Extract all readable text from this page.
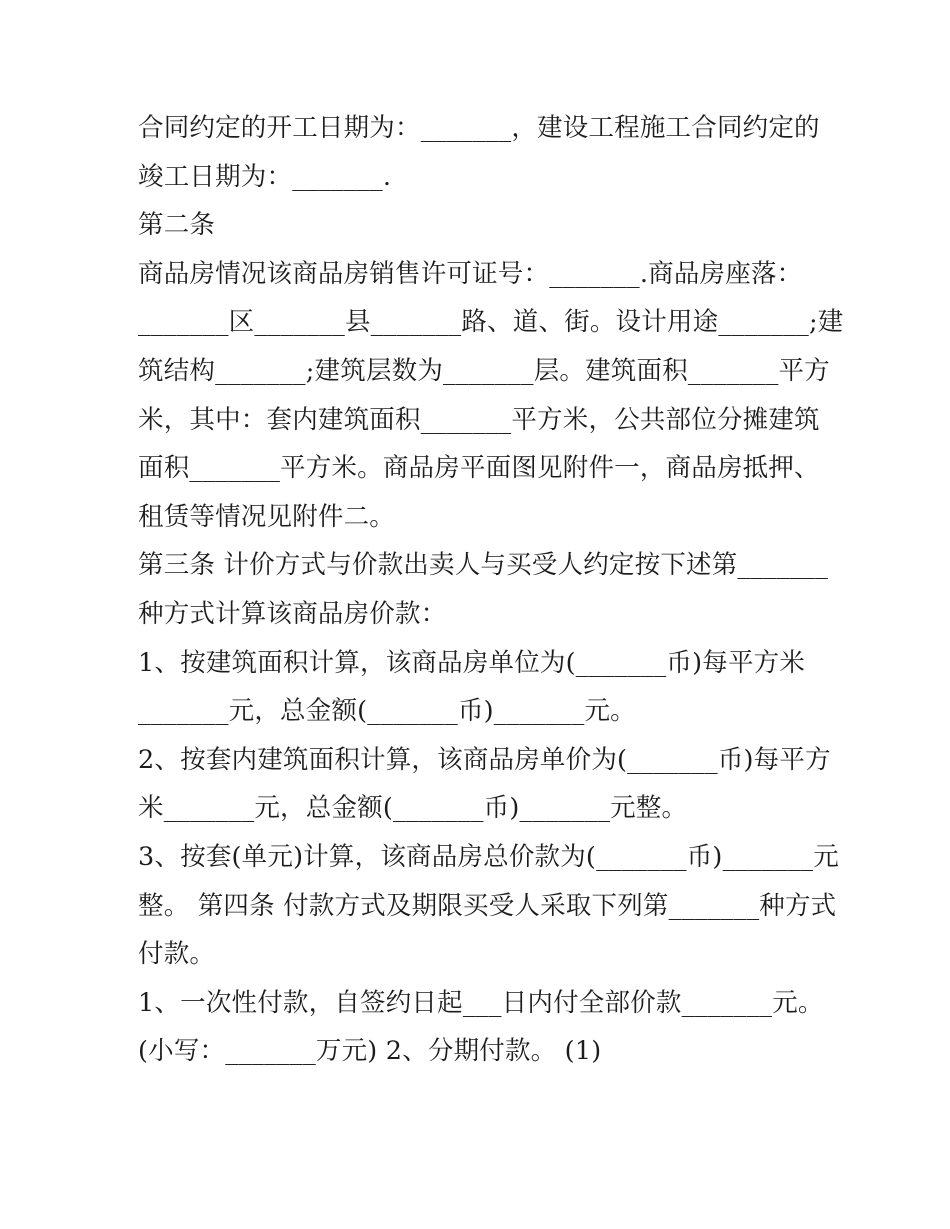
合同约定的开工日期为：_______，建设工程施工合同约定的
竣工日期为：_______.
第二条
商品房情况该商品房销售许可证号：_______.商品房座落：
_______区_______县_______路、道、街。设计用途_______;建
筑结构_______;建筑层数为_______层。建筑面积_______平方
米，其中：套内建筑面积_______平方米，公共部位分摊建筑
面积_______平方米。商品房平面图见附件一，商品房抵押、
租赁等情况见附件二。
第三条 计价方式与价款出卖人与买受人约定按下述第_______
种方式计算该商品房价款：
1、按建筑面积计算，该商品房单位为(_______币)每平方米
_______元，总金额(_______币)_______元。
2、按套内建筑面积计算，该商品房单价为(_______币)每平方
米_______元，总金额(_______币)_______元整。
3、按套(单元)计算，该商品房总价款为(_______币)_______元
整。 第四条 付款方式及期限买受人采取下列第_______种方式
付款。
1、一次性付款，自签约日起___日内付全部价款_______元。
(小写：_______万元) 2、分期付款。 (1)
